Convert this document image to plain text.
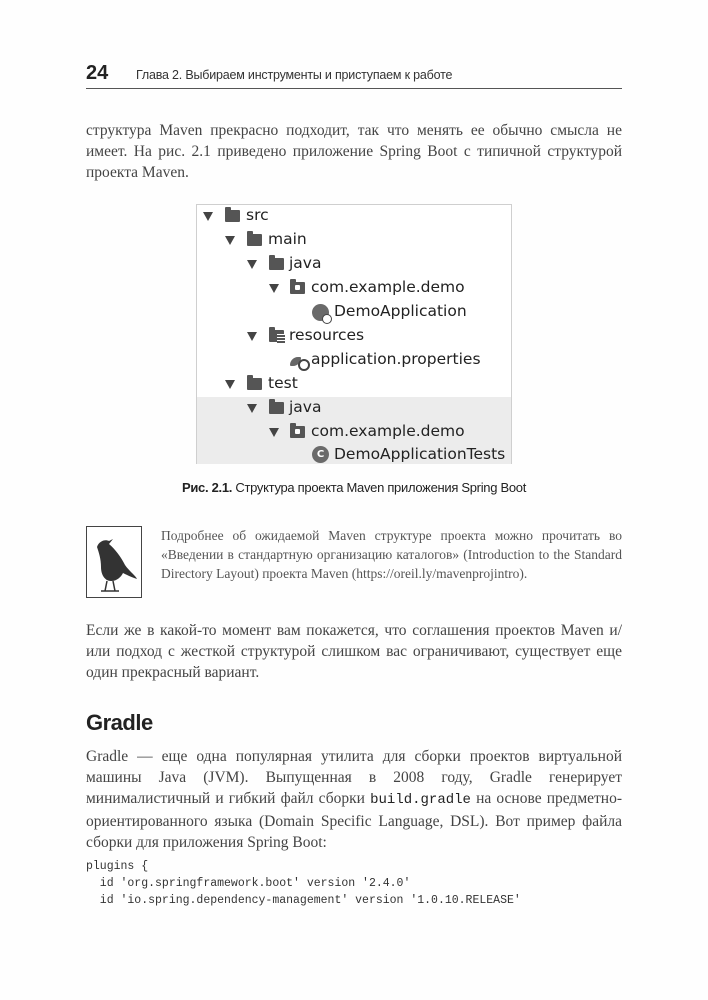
24 Глава 2. Выбираем инструменты и приступаем к работе

структура Maven прекрасно подходит, так что менять ее обычно смысла не имеет. На рис. 2.1 приведено приложение Spring Boot с типичной структурой проекта Maven.

src
main
java
com.example.demo
DemoApplication
resources
application.properties
test
java
com.example.demo
C DemoApplicationTests
Рис. 2.1. Структура проекта Maven приложения Spring Boot

Подробнее об ожидаемой Maven структуре проекта можно прочитать во «Введении в стандартную организацию каталогов» (Introduction to the Standard Directory Layout) проекта Maven (https://oreil.ly/mavenprojintro).

Если же в какой-то момент вам покажется, что соглашения проектов Maven и/или подход с жесткой структурой слишком вас ограничивают, существует еще один прекрасный вариант.

Gradle

Gradle — еще одна популярная утилита для сборки проектов виртуальной машины Java (JVM). Выпущенная в 2008 году, Gradle генерирует минималистичный и гибкий файл сборки build.gradle на основе предметно-ориентированного языка (Domain Specific Language, DSL). Вот пример файла сборки для приложения Spring Boot:

plugins {
id 'org.springframework.boot' version '2.4.0'
id 'io.spring.dependency-management' version '1.0.10.RELEASE'
